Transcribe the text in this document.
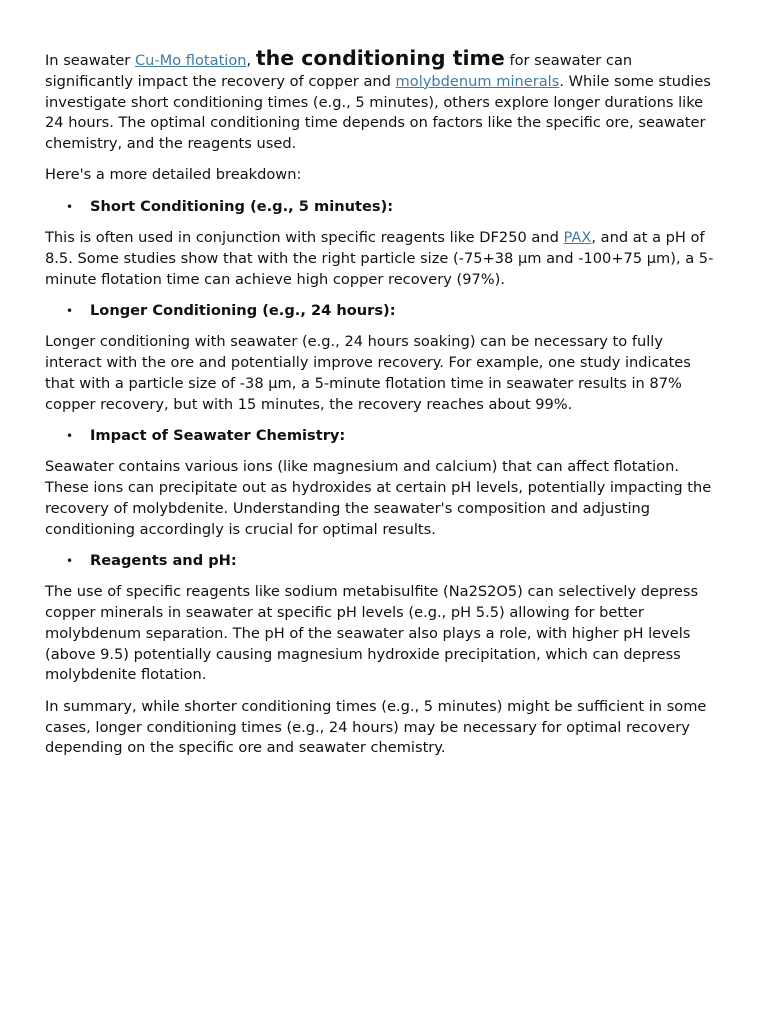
In seawater Cu-Mo flotation, the conditioning time for seawater can significantly impact the recovery of copper and molybdenum minerals. While some studies investigate short conditioning times (e.g., 5 minutes), others explore longer durations like 24 hours. The optimal conditioning time depends on factors like the specific ore, seawater chemistry, and the reagents used.

Here's a more detailed breakdown:

• Short Conditioning (e.g., 5 minutes):

This is often used in conjunction with specific reagents like DF250 and PAX, and at a pH of 8.5. Some studies show that with the right particle size (-75+38 µm and -100+75 µm), a 5-minute flotation time can achieve high copper recovery (97%).

• Longer Conditioning (e.g., 24 hours):

Longer conditioning with seawater (e.g., 24 hours soaking) can be necessary to fully interact with the ore and potentially improve recovery. For example, one study indicates that with a particle size of -38 µm, a 5-minute flotation time in seawater results in 87% copper recovery, but with 15 minutes, the recovery reaches about 99%.

• Impact of Seawater Chemistry:

Seawater contains various ions (like magnesium and calcium) that can affect flotation. These ions can precipitate out as hydroxides at certain pH levels, potentially impacting the recovery of molybdenite. Understanding the seawater's composition and adjusting conditioning accordingly is crucial for optimal results.

• Reagents and pH:

The use of specific reagents like sodium metabisulfite (Na2S2O5) can selectively depress copper minerals in seawater at specific pH levels (e.g., pH 5.5) allowing for better molybdenum separation. The pH of the seawater also plays a role, with higher pH levels (above 9.5) potentially causing magnesium hydroxide precipitation, which can depress molybdenite flotation.

In summary, while shorter conditioning times (e.g., 5 minutes) might be sufficient in some cases, longer conditioning times (e.g., 24 hours) may be necessary for optimal recovery depending on the specific ore and seawater chemistry.
